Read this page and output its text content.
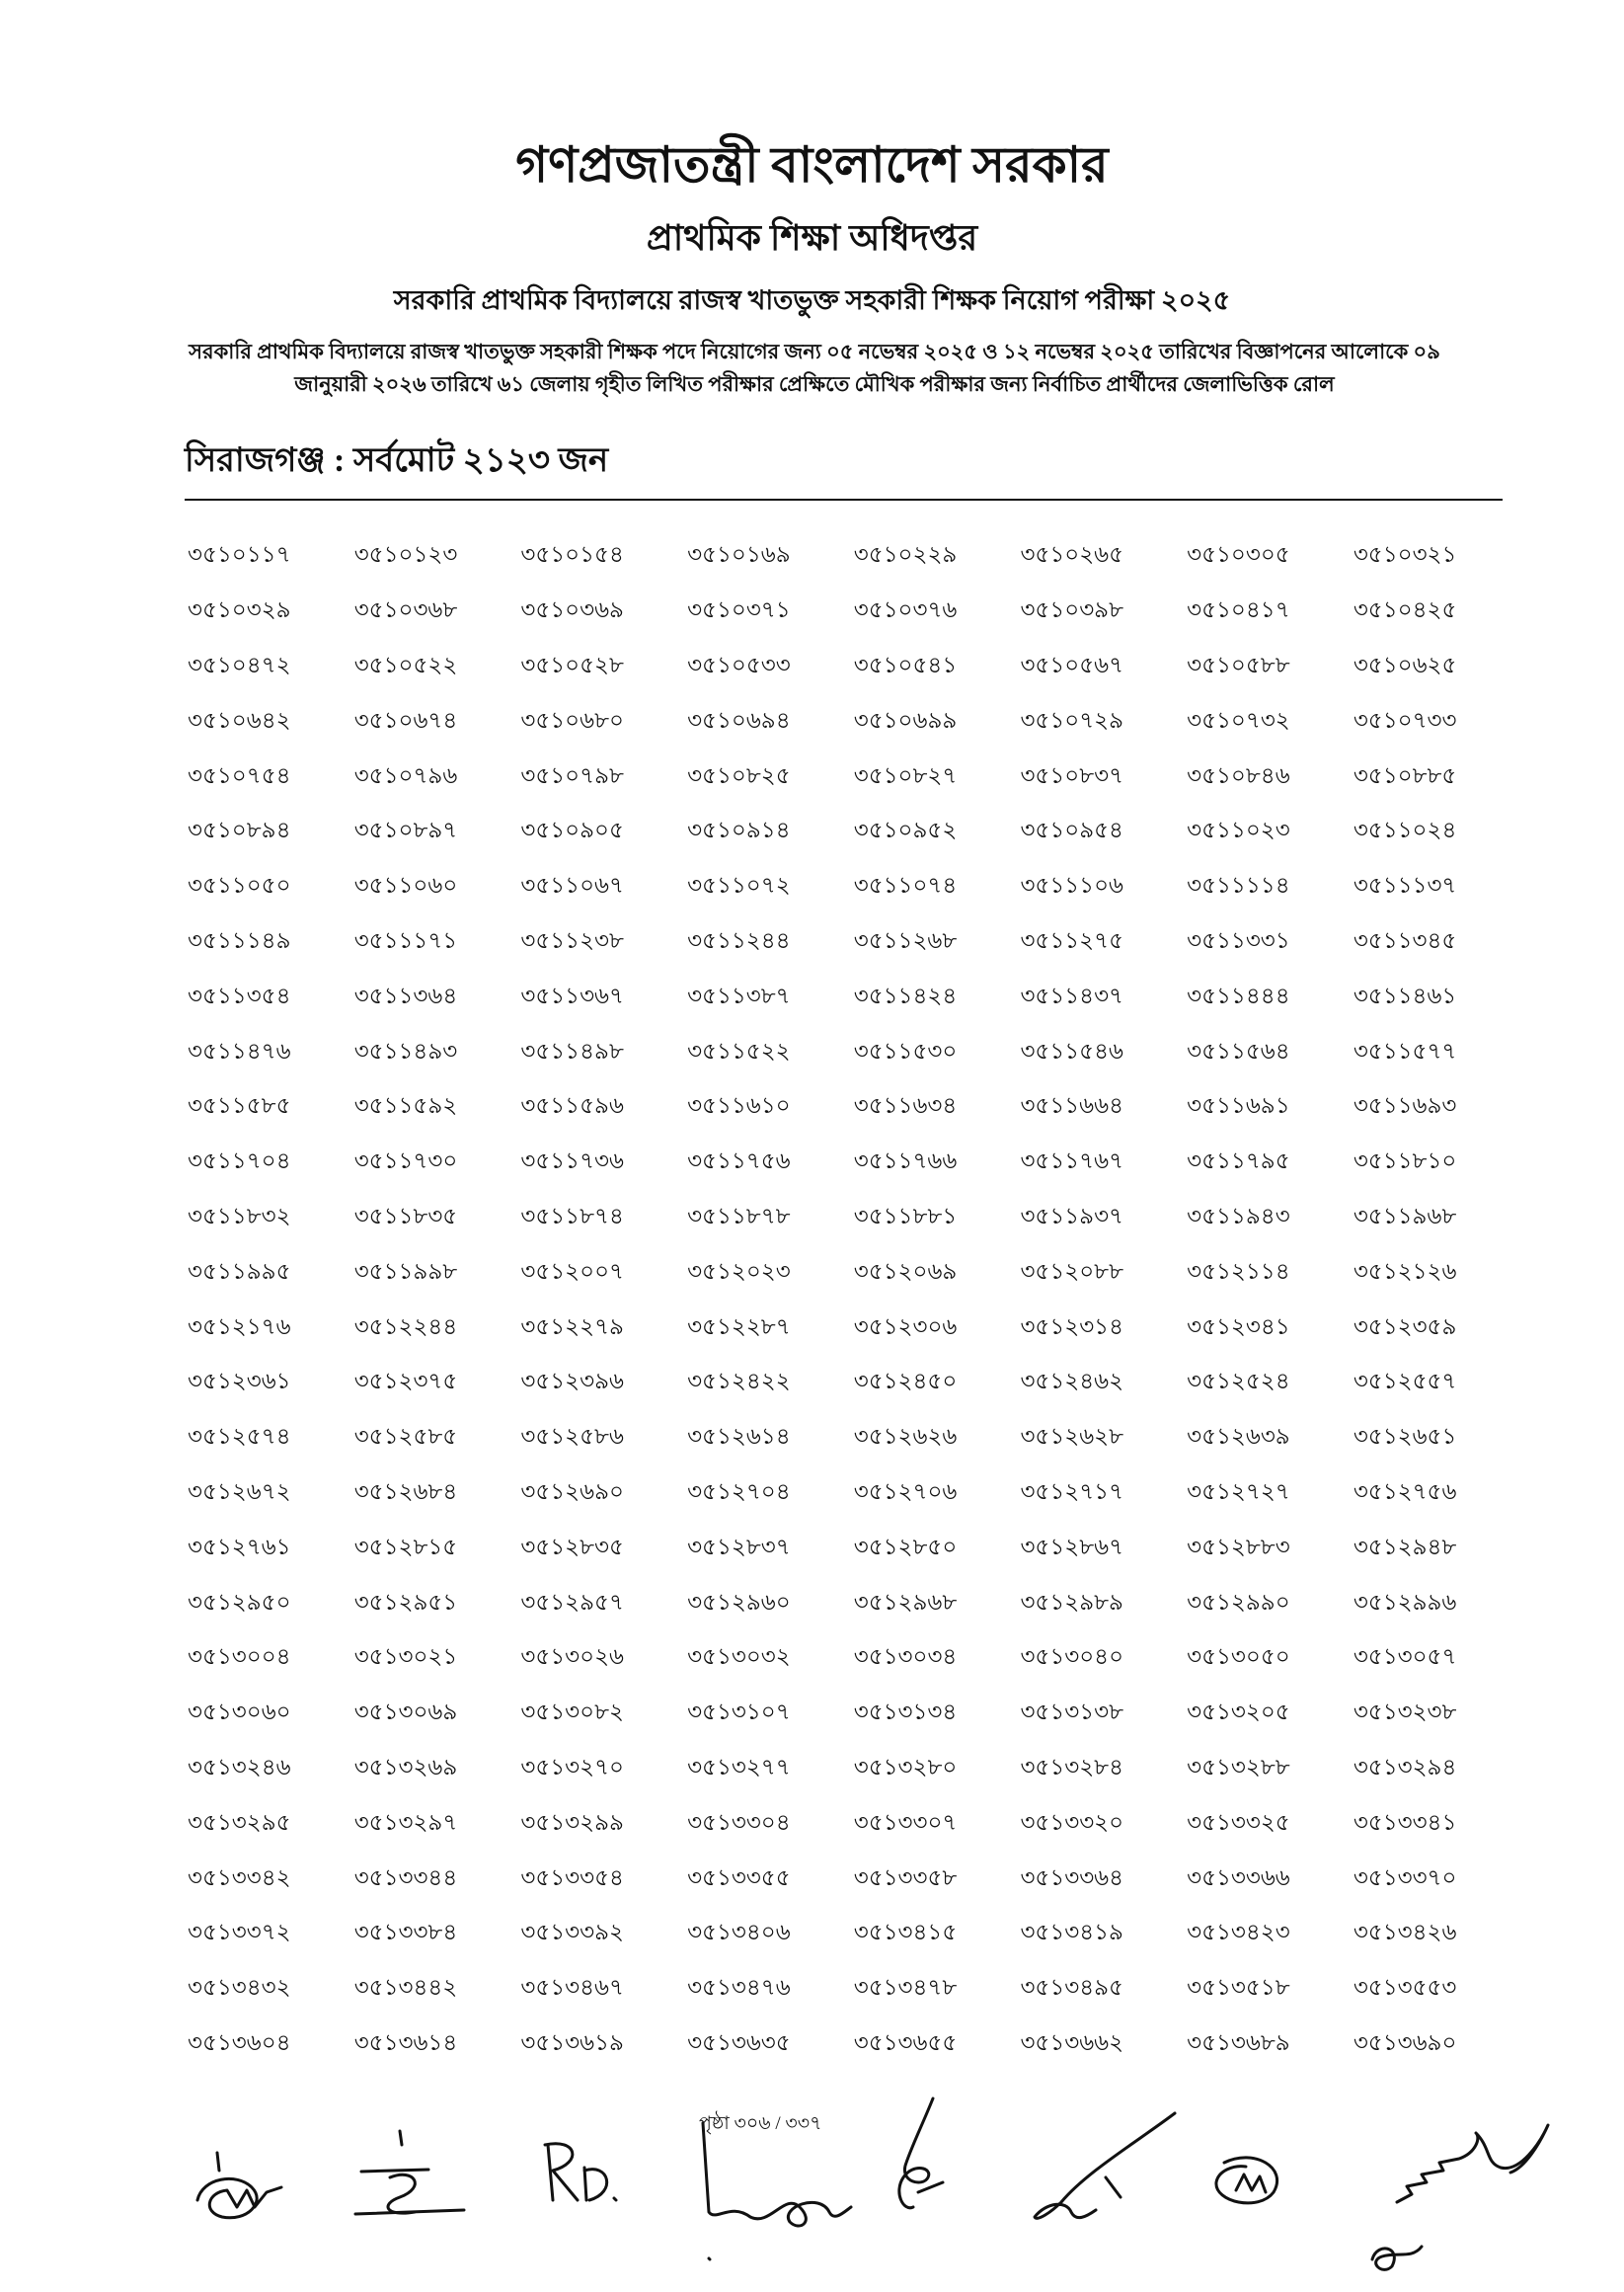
গণপ্রজাতন্ত্রী বাংলাদেশ সরকার
প্রাথমিক শিক্ষা অধিদপ্তর
সরকারি প্রাথমিক বিদ্যালয়ে রাজস্ব খাতভুক্ত সহকারী শিক্ষক নিয়োগ পরীক্ষা ২০২৫
সরকারি প্রাথমিক বিদ্যালয়ে রাজস্ব খাতভুক্ত সহকারী শিক্ষক পদে নিয়োগের জন্য ০৫ নভেম্বর ২০২৫ ও ১২ নভেম্বর ২০২৫ তারিখের বিজ্ঞাপনের আলোকে ০৯ জানুয়ারী ২০২৬ তারিখে ৬১ জেলায় গৃহীত লিখিত পরীক্ষার প্রেক্ষিতে মৌখিক পরীক্ষার জন্য নির্বাচিত প্রার্থীদের জেলাভিত্তিক রোল
সিরাজগঞ্জ : সর্বমোট ২১২৩ জন
৩৫১০১১৭	৩৫১০১২৩	৩৫১০১৫৪	৩৫১০১৬৯	৩৫১০২২৯	৩৫১০২৬৫	৩৫১০৩০৫	৩৫১০৩২১
৩৫১০৩২৯	৩৫১০৩৬৮	৩৫১০৩৬৯	৩৫১০৩৭১	৩৫১০৩৭৬	৩৫১০৩৯৮	৩৫১০৪১৭	৩৫১০৪২৫
৩৫১০৪৭২	৩৫১০৫২২	৩৫১০৫২৮	৩৫১০৫৩৩	৩৫১০৫৪১	৩৫১০৫৬৭	৩৫১০৫৮৮	৩৫১০৬২৫
৩৫১০৬৪২	৩৫১০৬৭৪	৩৫১০৬৮০	৩৫১০৬৯৪	৩৫১০৬৯৯	৩৫১০৭২৯	৩৫১০৭৩২	৩৫১০৭৩৩
৩৫১০৭৫৪	৩৫১০৭৯৬	৩৫১০৭৯৮	৩৫১০৮২৫	৩৫১০৮২৭	৩৫১০৮৩৭	৩৫১০৮৪৬	৩৫১০৮৮৫
৩৫১০৮৯৪	৩৫১০৮৯৭	৩৫১০৯০৫	৩৫১০৯১৪	৩৫১০৯৫২	৩৫১০৯৫৪	৩৫১১০২৩	৩৫১১০২৪
৩৫১১০৫০	৩৫১১০৬০	৩৫১১০৬৭	৩৫১১০৭২	৩৫১১০৭৪	৩৫১১১০৬	৩৫১১১১৪	৩৫১১১৩৭
৩৫১১১৪৯	৩৫১১১৭১	৩৫১১২৩৮	৩৫১১২৪৪	৩৫১১২৬৮	৩৫১১২৭৫	৩৫১১৩৩১	৩৫১১৩৪৫
৩৫১১৩৫৪	৩৫১১৩৬৪	৩৫১১৩৬৭	৩৫১১৩৮৭	৩৫১১৪২৪	৩৫১১৪৩৭	৩৫১১৪৪৪	৩৫১১৪৬১
৩৫১১৪৭৬	৩৫১১৪৯৩	৩৫১১৪৯৮	৩৫১১৫২২	৩৫১১৫৩০	৩৫১১৫৪৬	৩৫১১৫৬৪	৩৫১১৫৭৭
৩৫১১৫৮৫	৩৫১১৫৯২	৩৫১১৫৯৬	৩৫১১৬১০	৩৫১১৬৩৪	৩৫১১৬৬৪	৩৫১১৬৯১	৩৫১১৬৯৩
৩৫১১৭০৪	৩৫১১৭৩০	৩৫১১৭৩৬	৩৫১১৭৫৬	৩৫১১৭৬৬	৩৫১১৭৬৭	৩৫১১৭৯৫	৩৫১১৮১০
৩৫১১৮৩২	৩৫১১৮৩৫	৩৫১১৮৭৪	৩৫১১৮৭৮	৩৫১১৮৮১	৩৫১১৯৩৭	৩৫১১৯৪৩	৩৫১১৯৬৮
৩৫১১৯৯৫	৩৫১১৯৯৮	৩৫১২০০৭	৩৫১২০২৩	৩৫১২০৬৯	৩৫১২০৮৮	৩৫১২১১৪	৩৫১২১২৬
৩৫১২১৭৬	৩৫১২২৪৪	৩৫১২২৭৯	৩৫১২২৮৭	৩৫১২৩০৬	৩৫১২৩১৪	৩৫১২৩৪১	৩৫১২৩৫৯
৩৫১২৩৬১	৩৫১২৩৭৫	৩৫১২৩৯৬	৩৫১২৪২২	৩৫১২৪৫০	৩৫১২৪৬২	৩৫১২৫২৪	৩৫১২৫৫৭
৩৫১২৫৭৪	৩৫১২৫৮৫	৩৫১২৫৮৬	৩৫১২৬১৪	৩৫১২৬২৬	৩৫১২৬২৮	৩৫১২৬৩৯	৩৫১২৬৫১
৩৫১২৬৭২	৩৫১২৬৮৪	৩৫১২৬৯০	৩৫১২৭০৪	৩৫১২৭০৬	৩৫১২৭১৭	৩৫১২৭২৭	৩৫১২৭৫৬
৩৫১২৭৬১	৩৫১২৮১৫	৩৫১২৮৩৫	৩৫১২৮৩৭	৩৫১২৮৫০	৩৫১২৮৬৭	৩৫১২৮৮৩	৩৫১২৯৪৮
৩৫১২৯৫০	৩৫১২৯৫১	৩৫১২৯৫৭	৩৫১২৯৬০	৩৫১২৯৬৮	৩৫১২৯৮৯	৩৫১২৯৯০	৩৫১২৯৯৬
৩৫১৩০০৪	৩৫১৩০২১	৩৫১৩০২৬	৩৫১৩০৩২	৩৫১৩০৩৪	৩৫১৩০৪০	৩৫১৩০৫০	৩৫১৩০৫৭
৩৫১৩০৬০	৩৫১৩০৬৯	৩৫১৩০৮২	৩৫১৩১০৭	৩৫১৩১৩৪	৩৫১৩১৩৮	৩৫১৩২০৫	৩৫১৩২৩৮
৩৫১৩২৪৬	৩৫১৩২৬৯	৩৫১৩২৭০	৩৫১৩২৭৭	৩৫১৩২৮০	৩৫১৩২৮৪	৩৫১৩২৮৮	৩৫১৩২৯৪
৩৫১৩২৯৫	৩৫১৩২৯৭	৩৫১৩২৯৯	৩৫১৩৩০৪	৩৫১৩৩০৭	৩৫১৩৩২০	৩৫১৩৩২৫	৩৫১৩৩৪১
৩৫১৩৩৪২	৩৫১৩৩৪৪	৩৫১৩৩৫৪	৩৫১৩৩৫৫	৩৫১৩৩৫৮	৩৫১৩৩৬৪	৩৫১৩৩৬৬	৩৫১৩৩৭০
৩৫১৩৩৭২	৩৫১৩৩৮৪	৩৫১৩৩৯২	৩৫১৩৪০৬	৩৫১৩৪১৫	৩৫১৩৪১৯	৩৫১৩৪২৩	৩৫১৩৪২৬
৩৫১৩৪৩২	৩৫১৩৪৪২	৩৫১৩৪৬৭	৩৫১৩৪৭৬	৩৫১৩৪৭৮	৩৫১৩৪৯৫	৩৫১৩৫১৮	৩৫১৩৫৫৩
৩৫১৩৬০৪	৩৫১৩৬১৪	৩৫১৩৬১৯	৩৫১৩৬৩৫	৩৫১৩৬৫৫	৩৫১৩৬৬২	৩৫১৩৬৮৯	৩৫১৩৬৯০
পৃষ্ঠা ৩০৬ / ৩৩৭
